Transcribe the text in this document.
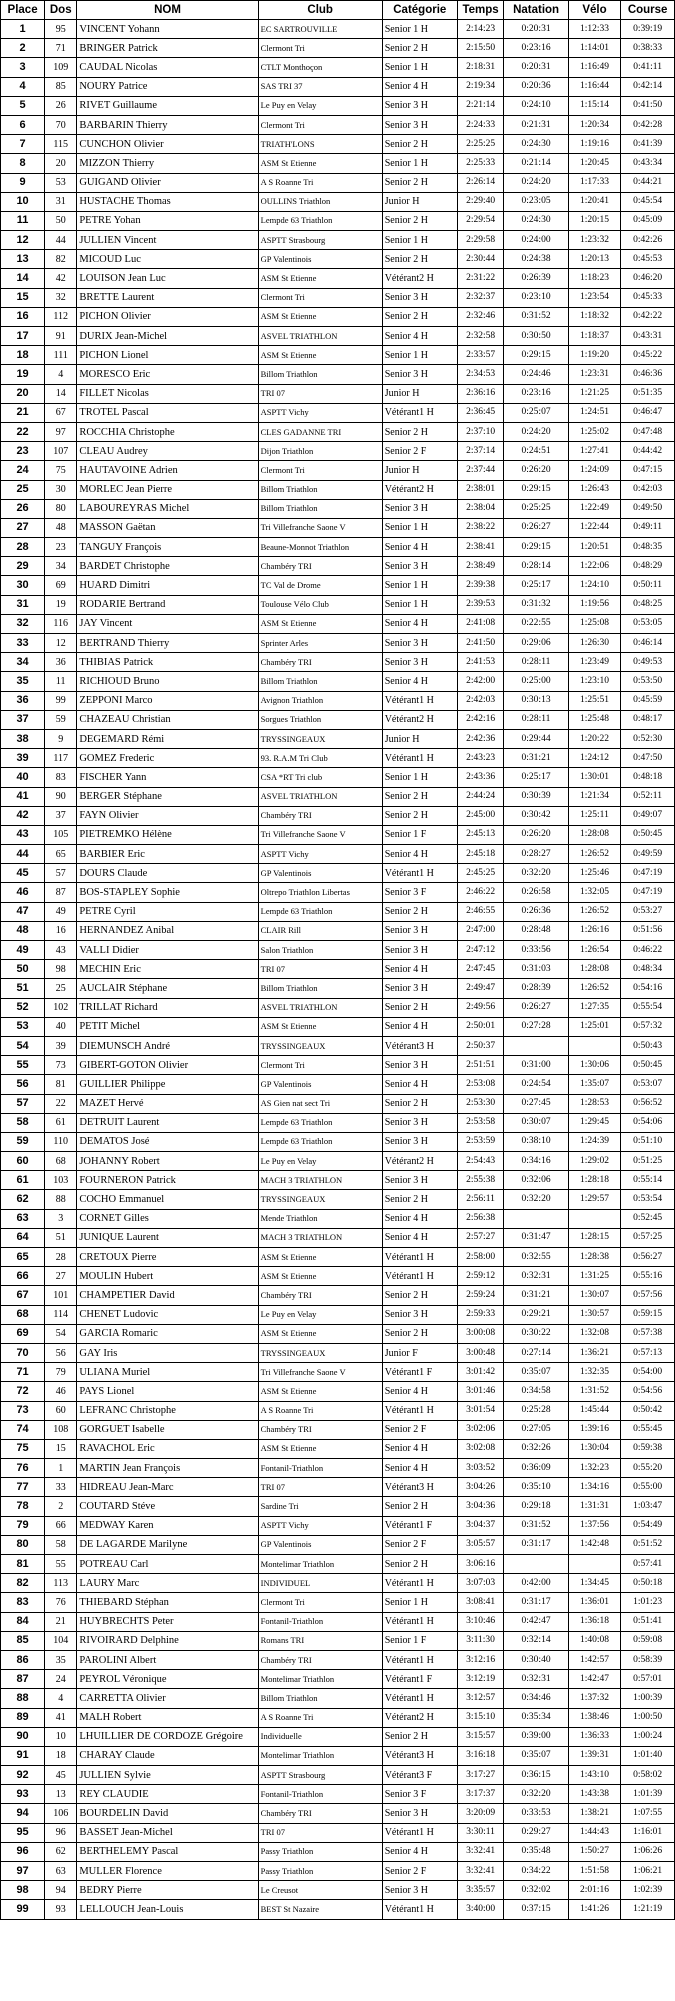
Place	Dos	NOM	Club	Catégorie	Temps	Natation	Vélo	Course
1	95	VINCENT Yohann	EC SARTROUVILLE	Senior 1 H	2:14:23	0:20:31	1:12:33	0:39:19
2	71	BRINGER Patrick	Clermont Tri	Senior 2 H	2:15:50	0:23:16	1:14:01	0:38:33
3	109	CAUDAL Nicolas	CTLT Monthoçon	Senior 1 H	2:18:31	0:20:31	1:16:49	0:41:11
4	85	NOURY Patrice	SAS TRI 37	Senior 4 H	2:19:34	0:20:36	1:16:44	0:42:14
5	26	RIVET Guillaume	Le Puy en Velay	Senior 3 H	2:21:14	0:24:10	1:15:14	0:41:50
6	70	BARBARIN Thierry	Clermont Tri	Senior 3 H	2:24:33	0:21:31	1:20:34	0:42:28
7	115	CUNCHON Olivier	TRIATH'LONS	Senior 2 H	2:25:25	0:24:30	1:19:16	0:41:39
8	20	MIZZON Thierry	ASM St Etienne	Senior 1 H	2:25:33	0:21:14	1:20:45	0:43:34
9	53	GUIGAND Olivier	A S Roanne Tri	Senior 2 H	2:26:14	0:24:20	1:17:33	0:44:21
10	31	HUSTACHE Thomas	OULLINS Triathlon	Junior H	2:29:40	0:23:05	1:20:41	0:45:54
11	50	PETRE Yohan	Lempde 63 Triathlon	Senior 2 H	2:29:54	0:24:30	1:20:15	0:45:09
12	44	JULLIEN Vincent	ASPTT Strasbourg	Senior 1 H	2:29:58	0:24:00	1:23:32	0:42:26
13	82	MICOUD Luc	GP Valentinois	Senior 2 H	2:30:44	0:24:38	1:20:13	0:45:53
14	42	LOUISON Jean Luc	ASM St Etienne	Vétérant2 H	2:31:22	0:26:39	1:18:23	0:46:20
15	32	BRETTE Laurent	Clermont Tri	Senior 3 H	2:32:37	0:23:10	1:23:54	0:45:33
16	112	PICHON Olivier	ASM St Etienne	Senior 2 H	2:32:46	0:31:52	1:18:32	0:42:22
17	91	DURIX Jean-Michel	ASVEL TRIATHLON	Senior 4 H	2:32:58	0:30:50	1:18:37	0:43:31
18	111	PICHON Lionel	ASM St Etienne	Senior 1 H	2:33:57	0:29:15	1:19:20	0:45:22
19	4	MORESCO Eric	Billom Triathlon	Senior 3 H	2:34:53	0:24:46	1:23:31	0:46:36
20	14	FILLET Nicolas	TRI 07	Junior H	2:36:16	0:23:16	1:21:25	0:51:35
21	67	TROTEL Pascal	ASPTT Vichy	Vétérant1 H	2:36:45	0:25:07	1:24:51	0:46:47
22	97	ROCCHIA Christophe	CLES GADANNE TRI	Senior 2 H	2:37:10	0:24:20	1:25:02	0:47:48
23	107	CLEAU Audrey	Dijon Triathlon	Senior 2 F	2:37:14	0:24:51	1:27:41	0:44:42
24	75	HAUTAVOINE Adrien	Clermont Tri	Junior H	2:37:44	0:26:20	1:24:09	0:47:15
25	30	MORLEC Jean Pierre	Billom Triathlon	Vétérant2 H	2:38:01	0:29:15	1:26:43	0:42:03
26	80	LABOUREYRAS Michel	Billom Triathlon	Senior 3 H	2:38:04	0:25:25	1:22:49	0:49:50
27	48	MASSON Gaëtan	Tri Villefranche Saone V	Senior 1 H	2:38:22	0:26:27	1:22:44	0:49:11
28	23	TANGUY François	Beaune-Monnot Triathlon	Senior 4 H	2:38:41	0:29:15	1:20:51	0:48:35
29	34	BARDET Christophe	Chambéry TRI	Senior 3 H	2:38:49	0:28:14	1:22:06	0:48:29
30	69	HUARD Dimitri	TC Val de Drome	Senior 1 H	2:39:38	0:25:17	1:24:10	0:50:11
31	19	RODARIE Bertrand	Toulouse Vélo Club	Senior 1 H	2:39:53	0:31:32	1:19:56	0:48:25
32	116	JAY Vincent	ASM St Etienne	Senior 4 H	2:41:08	0:22:55	1:25:08	0:53:05
33	12	BERTRAND Thierry	Sprinter Arles	Senior 3 H	2:41:50	0:29:06	1:26:30	0:46:14
34	36	THIBIAS Patrick	Chambéry TRI	Senior 3 H	2:41:53	0:28:11	1:23:49	0:49:53
35	11	RICHIOUD Bruno	Billom Triathlon	Senior 4 H	2:42:00	0:25:00	1:23:10	0:53:50
36	99	ZEPPONI Marco	Avignon Triathlon	Vétérant1 H	2:42:03	0:30:13	1:25:51	0:45:59
37	59	CHAZEAU Christian	Sorgues Triathlon	Vétérant2 H	2:42:16	0:28:11	1:25:48	0:48:17
38	9	DEGEMARD Rémi	TRYSSINGEAUX	Junior H	2:42:36	0:29:44	1:20:22	0:52:30
39	117	GOMEZ Frederic	93. R.A.M Tri Club	Vétérant1 H	2:43:23	0:31:21	1:24:12	0:47:50
40	83	FISCHER Yann	CSA *RT Tri club	Senior 1 H	2:43:36	0:25:17	1:30:01	0:48:18
41	90	BERGER Stéphane	ASVEL TRIATHLON	Senior 2 H	2:44:24	0:30:39	1:21:34	0:52:11
42	37	FAYN Olivier	Chambéry TRI	Senior 2 H	2:45:00	0:30:42	1:25:11	0:49:07
43	105	PIETREMKO Hélène	Tri Villefranche Saone V	Senior 1 F	2:45:13	0:26:20	1:28:08	0:50:45
44	65	BARBIER Eric	ASPTT Vichy	Senior 4 H	2:45:18	0:28:27	1:26:52	0:49:59
45	57	DOURS Claude	GP Valentinois	Vétérant1 H	2:45:25	0:32:20	1:25:46	0:47:19
46	87	BOS-STAPLEY Sophie	Oltrepo Triathlon Libertas	Senior 3 F	2:46:22	0:26:58	1:32:05	0:47:19
47	49	PETRE Cyril	Lempde 63 Triathlon	Senior 2 H	2:46:55	0:26:36	1:26:52	0:53:27
48	16	HERNANDEZ Anibal	CLAIR Rill	Senior 3 H	2:47:00	0:28:48	1:26:16	0:51:56
49	43	VALLI Didier	Salon Triathlon	Senior 3 H	2:47:12	0:33:56	1:26:54	0:46:22
50	98	MECHIN Eric	TRI 07	Senior 4 H	2:47:45	0:31:03	1:28:08	0:48:34
51	25	AUCLAIR Stéphane	Billom Triathlon	Senior 3 H	2:49:47	0:28:39	1:26:52	0:54:16
52	102	TRILLAT Richard	ASVEL TRIATHLON	Senior 2 H	2:49:56	0:26:27	1:27:35	0:55:54
53	40	PETIT Michel	ASM St Etienne	Senior 4 H	2:50:01	0:27:28	1:25:01	0:57:32
54	39	DIEMUNSCH André	TRYSSINGEAUX	Vétérant3 H	2:50:37			0:50:43
55	73	GIBERT-GOTON Olivier	Clermont Tri	Senior 3 H	2:51:51	0:31:00	1:30:06	0:50:45
56	81	GUILLIER Philippe	GP Valentinois	Senior 4 H	2:53:08	0:24:54	1:35:07	0:53:07
57	22	MAZET Hervé	AS Gien nat sect Tri	Senior 2 H	2:53:30	0:27:45	1:28:53	0:56:52
58	61	DETRUIT Laurent	Lempde 63 Triathlon	Senior 3 H	2:53:58	0:30:07	1:29:45	0:54:06
59	110	DEMATOS José	Lempde 63 Triathlon	Senior 3 H	2:53:59	0:38:10	1:24:39	0:51:10
60	68	JOHANNY Robert	Le Puy en Velay	Vétérant2 H	2:54:43	0:34:16	1:29:02	0:51:25
61	103	FOURNERON Patrick	MACH 3 TRIATHLON	Senior 3 H	2:55:38	0:32:06	1:28:18	0:55:14
62	88	COCHO Emmanuel	TRYSSINGEAUX	Senior 2 H	2:56:11	0:32:20	1:29:57	0:53:54
63	3	CORNET Gilles	Mende Triathlon	Senior 4 H	2:56:38			0:52:45
64	51	JUNIQUE Laurent	MACH 3 TRIATHLON	Senior 4 H	2:57:27	0:31:47	1:28:15	0:57:25
65	28	CRETOUX Pierre	ASM St Etienne	Vétérant1 H	2:58:00	0:32:55	1:28:38	0:56:27
66	27	MOULIN Hubert	ASM St Etienne	Vétérant1 H	2:59:12	0:32:31	1:31:25	0:55:16
67	101	CHAMPETIER David	Chambéry TRI	Senior 2 H	2:59:24	0:31:21	1:30:07	0:57:56
68	114	CHENET Ludovic	Le Puy en Velay	Senior 3 H	2:59:33	0:29:21	1:30:57	0:59:15
69	54	GARCIA Romaric	ASM St Etienne	Senior 2 H	3:00:08	0:30:22	1:32:08	0:57:38
70	56	GAY Iris	TRYSSINGEAUX	Junior F	3:00:48	0:27:14	1:36:21	0:57:13
71	79	ULIANA Muriel	Tri Villefranche Saone V	Vétérant1 F	3:01:42	0:35:07	1:32:35	0:54:00
72	46	PAYS Lionel	ASM St Etienne	Senior 4 H	3:01:46	0:34:58	1:31:52	0:54:56
73	60	LEFRANC Christophe	A S Roanne Tri	Vétérant1 H	3:01:54	0:25:28	1:45:44	0:50:42
74	108	GORGUET Isabelle	Chambéry TRI	Senior 2 F	3:02:06	0:27:05	1:39:16	0:55:45
75	15	RAVACHOL Eric	ASM St Etienne	Senior 4 H	3:02:08	0:32:26	1:30:04	0:59:38
76	1	MARTIN Jean François	Fontanil-Triathlon	Senior 4 H	3:03:52	0:36:09	1:32:23	0:55:20
77	33	HIDREAU Jean-Marc	TRI 07	Vétérant3 H	3:04:26	0:35:10	1:34:16	0:55:00
78	2	COUTARD Stéve	Sardine Tri	Senior 2 H	3:04:36	0:29:18	1:31:31	1:03:47
79	66	MEDWAY Karen	ASPTT Vichy	Vétérant1 F	3:04:37	0:31:52	1:37:56	0:54:49
80	58	DE LAGARDE Marilyne	GP Valentinois	Senior 2 F	3:05:57	0:31:17	1:42:48	0:51:52
81	55	POTREAU Carl	Montelimar Triathlon	Senior 2 H	3:06:16			0:57:41
82	113	LAURY Marc	INDIVIDUEL	Vétérant1 H	3:07:03	0:42:00	1:34:45	0:50:18
83	76	THIEBARD Stéphan	Clermont Tri	Senior 1 H	3:08:41	0:31:17	1:36:01	1:01:23
84	21	HUYBRECHTS Peter	Fontanil-Triathlon	Vétérant1 H	3:10:46	0:42:47	1:36:18	0:51:41
85	104	RIVOIRARD Delphine	Romans TRI	Senior 1 F	3:11:30	0:32:14	1:40:08	0:59:08
86	35	PAROLINI Albert	Chambéry TRI	Vétérant1 H	3:12:16	0:30:40	1:42:57	0:58:39
87	24	PEYROL Véronique	Montelimar Triathlon	Vétérant1 F	3:12:19	0:32:31	1:42:47	0:57:01
88	4	CARRETTA Olivier	Billom Triathlon	Vétérant1 H	3:12:57	0:34:46	1:37:32	1:00:39
89	41	MALH Robert	A S Roanne Tri	Vétérant2 H	3:15:10	0:35:34	1:38:46	1:00:50
90	10	LHUILLIER DE CORDOZE Grégoire	Individuelle	Senior 2 H	3:15:57	0:39:00	1:36:33	1:00:24
91	18	CHARAY Claude	Montelimar Triathlon	Vétérant3 H	3:16:18	0:35:07	1:39:31	1:01:40
92	45	JULLIEN Sylvie	ASPTT Strasbourg	Vétérant3 F	3:17:27	0:36:15	1:43:10	0:58:02
93	13	REY CLAUDIE	Fontanil-Triathlon	Senior 3 F	3:17:37	0:32:20	1:43:38	1:01:39
94	106	BOURDELIN David	Chambéry TRI	Senior 3 H	3:20:09	0:33:53	1:38:21	1:07:55
95	96	BASSET Jean-Michel	TRI 07	Vétérant1 H	3:30:11	0:29:27	1:44:43	1:16:01
96	62	BERTHELEMY Pascal	Passy Triathlon	Senior 4 H	3:32:41	0:35:48	1:50:27	1:06:26
97	63	MULLER Florence	Passy Triathlon	Senior 2 F	3:32:41	0:34:22	1:51:58	1:06:21
98	94	BEDRY Pierre	Le Creusot	Senior 3 H	3:35:57	0:32:02	2:01:16	1:02:39
99	93	LELLOUCH Jean-Louis	BEST St Nazaire	Vétérant1 H	3:40:00	0:37:15	1:41:26	1:21:19
